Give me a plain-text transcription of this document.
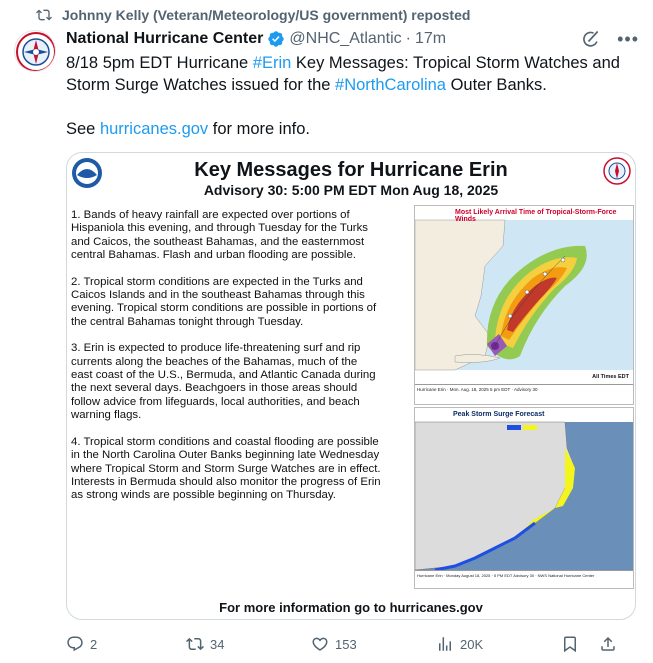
Johnny Kelly (Veteran/Meteorology/US government) reposted
National Hurricane Center @NHC_Atlantic · 17m	•••

8/18 5pm EDT Hurricane #Erin Key Messages: Tropical Storm Watches and Storm Surge Watches issued for the #NorthCarolina Outer Banks.

See hurricanes.gov for more info.

Key Messages for Hurricane Erin
Advisory 30: 5:00 PM EDT Mon Aug 18, 2025
1. Bands of heavy rainfall are expected over portions of Hispaniola this evening, and through Tuesday for the Turks and Caicos, the southeast Bahamas, and the easternmost central Bahamas. Flash and urban flooding are possible.
2. Tropical storm conditions are expected in the Turks and Caicos Islands and in the southeast Bahamas through this evening. Tropical storm conditions are possible in portions of the central Bahamas tonight through Tuesday.
3. Erin is expected to produce life-threatening surf and rip currents along the beaches of the Bahamas, much of the east coast of the U.S., Bermuda, and Atlantic Canada during the next several days. Beachgoers in those areas should follow advice from lifeguards, local authorities, and beach warning flags.
4. Tropical storm conditions and coastal flooding are possible in the North Carolina Outer Banks beginning late Wednesday where Tropical Storm and Storm Surge Watches are in effect. Interests in Bermuda should also monitor the progress of Erin as strong winds are possible beginning on Thursday.
Most Likely Arrival Time of Tropical-Storm-Force Winds
All Times EDT
Hurricane Erin · Mon. Aug. 18, 2025 5 pm EDT · Advisory 30
Peak Storm Surge Forecast
Hurricane Erin · Monday August 18, 2025 · 5 PM EDT Advisory 30 · NWS National Hurricane Center
For more information go to hurricanes.gov
2	34	153	20K
